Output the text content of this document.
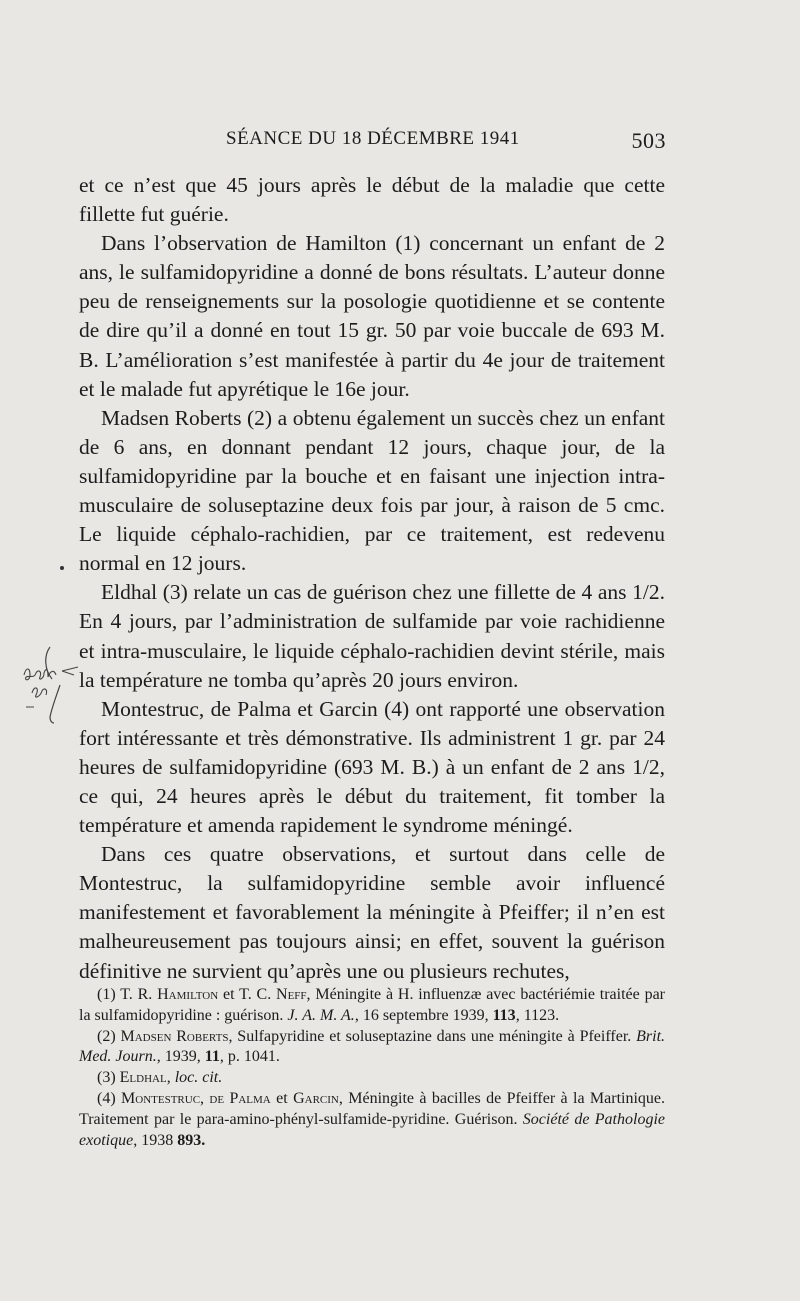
SÉANCE DU 18 DÉCEMBRE 1941	503

et ce n’est que 45 jours après le début de la maladie que cette fillette fut guérie.

Dans l’observation de Hamilton (1) concernant un enfant de 2 ans, le sulfamidopyridine a donné de bons résultats. L’auteur donne peu de renseignements sur la posologie quotidienne et se contente de dire qu’il a donné en tout 15 gr. 50 par voie buccale de 693 M. B. L’amélioration s’est manifestée à partir du 4e jour de traitement et le malade fut apyrétique le 16e jour.

Madsen Roberts (2) a obtenu également un succès chez un enfant de 6 ans, en donnant pendant 12 jours, chaque jour, de la sulfamidopyridine par la bouche et en faisant une injection intra-musculaire de soluseptazine deux fois par jour, à raison de 5 cmc. Le liquide céphalo-rachidien, par ce traitement, est redevenu normal en 12 jours.

Eldhal (3) relate un cas de guérison chez une fillette de 4 ans 1/2. En 4 jours, par l’administration de sulfamide par voie rachidienne et intra-musculaire, le liquide céphalo-rachidien devint stérile, mais la température ne tomba qu’après 20 jours environ.

Montestruc, de Palma et Garcin (4) ont rapporté une observation fort intéressante et très démonstrative. Ils administrent 1 gr. par 24 heures de sulfamidopyridine (693 M. B.) à un enfant de 2 ans 1/2, ce qui, 24 heures après le début du traitement, fit tomber la température et amenda rapidement le syndrome méningé.

Dans ces quatre observations, et surtout dans celle de Montestruc, la sulfamidopyridine semble avoir influencé manifestement et favorablement la méningite à Pfeiffer; il n’en est malheureusement pas toujours ainsi; en effet, souvent la guérison définitive ne survient qu’après une ou plusieurs rechutes,

(1) T. R. Hamilton et T. C. Neff, Méningite à H. influenzæ avec bactériémie traitée par la sulfamidopyridine : guérison. J. A. M. A., 16 septembre 1939, 113, 1123.

(2) Madsen Roberts, Sulfapyridine et soluseptazine dans une méningite à Pfeiffer. Brit. Med. Journ., 1939, 11, p. 1041.

(3) Eldhal, loc. cit.

(4) Montestruc, de Palma et Garcin, Méningite à bacilles de Pfeiffer à la Martinique. Traitement par le para-amino-phényl-sulfamide-pyridine. Guérison. Société de Pathologie exotique, 1938 893.
